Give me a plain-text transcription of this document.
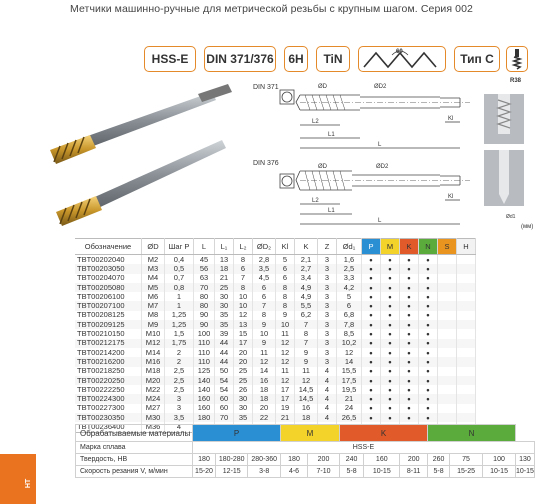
Метчики машинно-ручные для метрической резьбы с крупным шагом. Серия 002
HSS-E	DIN 371/376	6H	TiN	60	Тип С
R38
ØD	ØD2
L2
L1
L
Kl
ØD	ØD2
L2
L1
L
Kl
Ød1
DIN 371
DIN 376
(мм)
Обозначение	ØD	Шаг P	L	L₁	L₂	ØD₂	Kl	K	Z	Ød₁	P	M	K	N	S	H
TBT00202040	M2	0,4	45	13	8	2,8	5	2,1	3	1,6	•	•	•	•		
TBT00203050	M3	0,5	56	18	6	3,5	6	2,7	3	2,5	•	•	•	•		
TBT00204070	M4	0,7	63	21	7	4,5	6	3,4	3	3,3	•	•	•	•		
TBT00205080	M5	0,8	70	25	8	6	8	4,9	3	4,2	•	•	•	•		
TBT00206100	M6	1	80	30	10	6	8	4,9	3	5	•	•	•	•		
TBT00207100	M7	1	80	30	10	7	8	5,5	3	6	•	•	•	•		
TBT00208125	M8	1,25	90	35	12	8	9	6,2	3	6,8	•	•	•	•		
TBT00209125	M9	1,25	90	35	13	9	10	7	3	7,8	•	•	•	•		
TBT00210150	M10	1,5	100	39	15	10	11	8	3	8,5	•	•	•	•		
TBT00212175	M12	1,75	110	44	17	9	12	7	3	10,2	•	•	•	•		
TBT00214200	M14	2	110	44	20	11	12	9	3	12	•	•	•	•		
TBT00216200	M16	2	110	44	20	12	12	9	3	14	•	•	•	•		
TBT00218250	M18	2,5	125	50	25	14	11	11	4	15,5	•	•	•	•		
TBT00220250	M20	2,5	140	54	25	16	12	12	4	17,5	•	•	•	•		
TBT00222250	M22	2,5	140	54	26	18	17	14,5	4	19,5	•	•	•	•		
TBT00224300	M24	3	160	60	30	18	17	14,5	4	21	•	•	•	•		
TBT00227300	M27	3	160	60	30	20	19	16	4	24	•	•	•	•		
TBT00230350	M30	3,5	180	70	35	22	21	18	4	26,5	•	•	•	•		
TBT00236400	M36	4														
Обрабатываемые материалы	P			M		K			N			
Марка сплава	HSS-E											
Твердость, HB	180	180-280	280-360	180	200	240	160	200	260	75	100	130
Скорость резания V, м/мин	15-20	12-15	3-8	4-6	7-10	5-8	10-15	8-11	5-8	15-25	10-15	10-15
НТ
